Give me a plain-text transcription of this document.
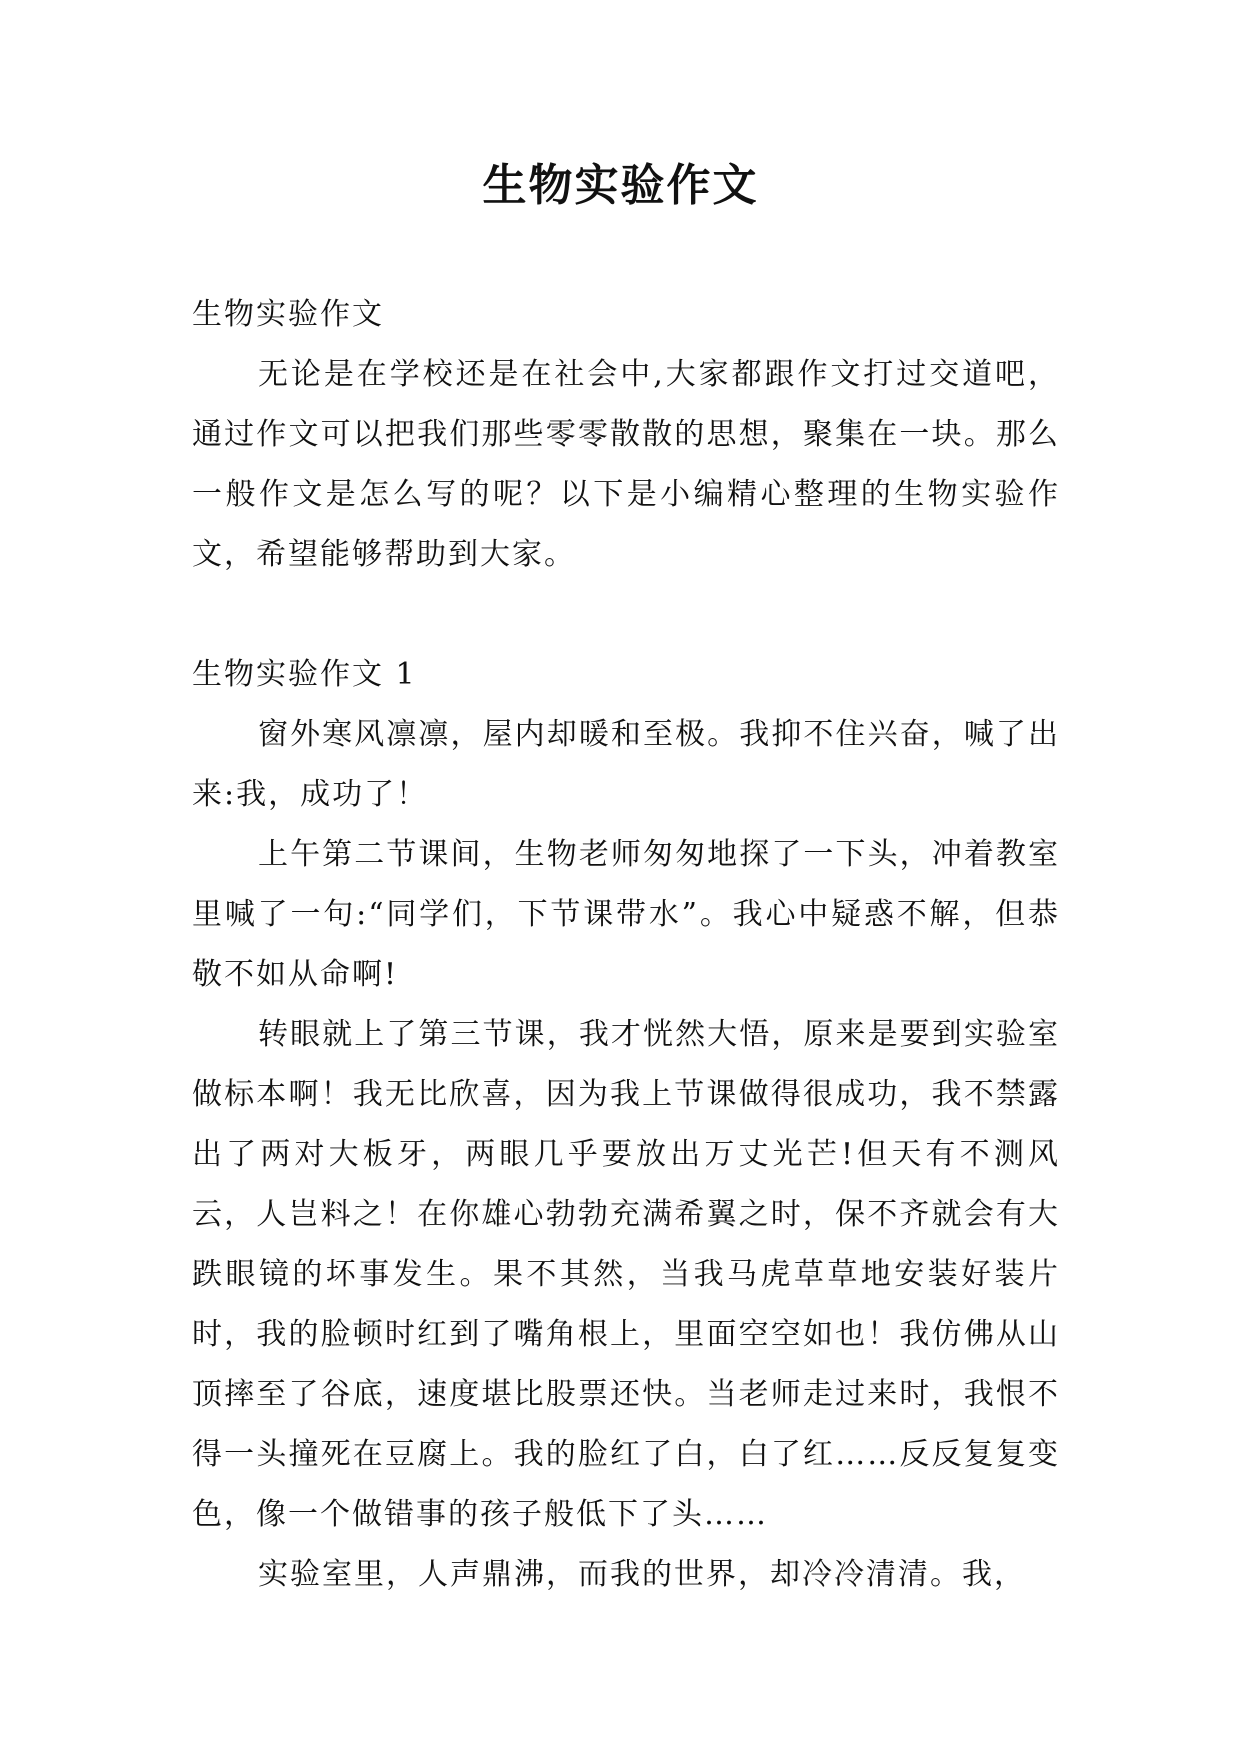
生物实验作文

生物实验作文

无论是在学校还是在社会中,大家都跟作文打过交道吧，通过作文可以把我们那些零零散散的思想，聚集在一块。那么一般作文是怎么写的呢？以下是小编精心整理的生物实验作文，希望能够帮助到大家。

生物实验作文 1

窗外寒风凛凛，屋内却暖和至极。我抑不住兴奋，喊了出来:我，成功了！

上午第二节课间，生物老师匆匆地探了一下头，冲着教室里喊了一句:“同学们，下节课带水”。我心中疑惑不解，但恭敬不如从命啊!

转眼就上了第三节课，我才恍然大悟，原来是要到实验室做标本啊！我无比欣喜，因为我上节课做得很成功，我不禁露出了两对大板牙，两眼几乎要放出万丈光芒!但天有不测风云，人岂料之！在你雄心勃勃充满希翼之时，保不齐就会有大跌眼镜的坏事发生。果不其然，当我马虎草草地安装好装片时，我的脸顿时红到了嘴角根上，里面空空如也！我仿佛从山顶摔至了谷底，速度堪比股票还快。当老师走过来时，我恨不得一头撞死在豆腐上。我的脸红了白，白了红……反反复复变色，像一个做错事的孩子般低下了头……

实验室里，人声鼎沸，而我的世界，却冷冷清清。我，
